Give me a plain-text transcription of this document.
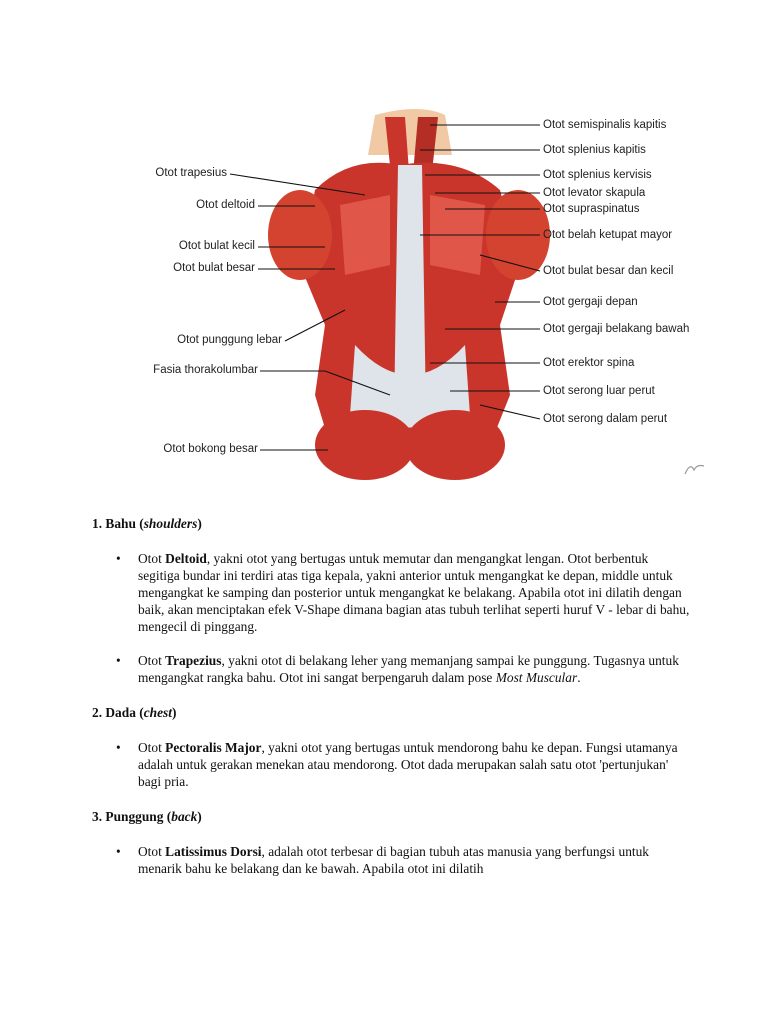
Otot trapesius
Otot deltoid
Otot bulat kecil
Otot bulat besar
Otot punggung lebar
Fasia thorakolumbar
Otot bokong besar
Otot semispinalis kapitis
Otot splenius kapitis
Otot splenius kervisis
Otot levator skapula
Otot supraspinatus
Otot belah ketupat mayor
Otot bulat besar dan kecil
Otot gergaji depan
Otot gergaji belakang bawah
Otot erektor spina
Otot serong luar perut
Otot serong dalam perut
1. Bahu (shoulders)
• Otot Deltoid, yakni otot yang bertugas untuk memutar dan mengangkat lengan. Otot berbentuk segitiga bundar ini terdiri atas tiga kepala, yakni anterior untuk mengangkat ke depan, middle untuk mengangkat ke samping dan posterior untuk mengangkat ke belakang. Apabila otot ini dilatih dengan baik, akan menciptakan efek V-Shape dimana bagian atas tubuh terlihat seperti huruf V - lebar di bahu, mengecil di pinggang.
• Otot Trapezius, yakni otot di belakang leher yang memanjang sampai ke punggung. Tugasnya untuk mengangkat rangka bahu. Otot ini sangat berpengaruh dalam pose Most Muscular.
2. Dada (chest)
• Otot Pectoralis Major, yakni otot yang bertugas untuk mendorong bahu ke depan. Fungsi utamanya adalah untuk gerakan menekan atau mendorong. Otot dada merupakan salah satu otot 'pertunjukan' bagi pria.
3. Punggung (back)
• Otot Latissimus Dorsi, adalah otot terbesar di bagian tubuh atas manusia yang berfungsi untuk menarik bahu ke belakang dan ke bawah. Apabila otot ini dilatih
